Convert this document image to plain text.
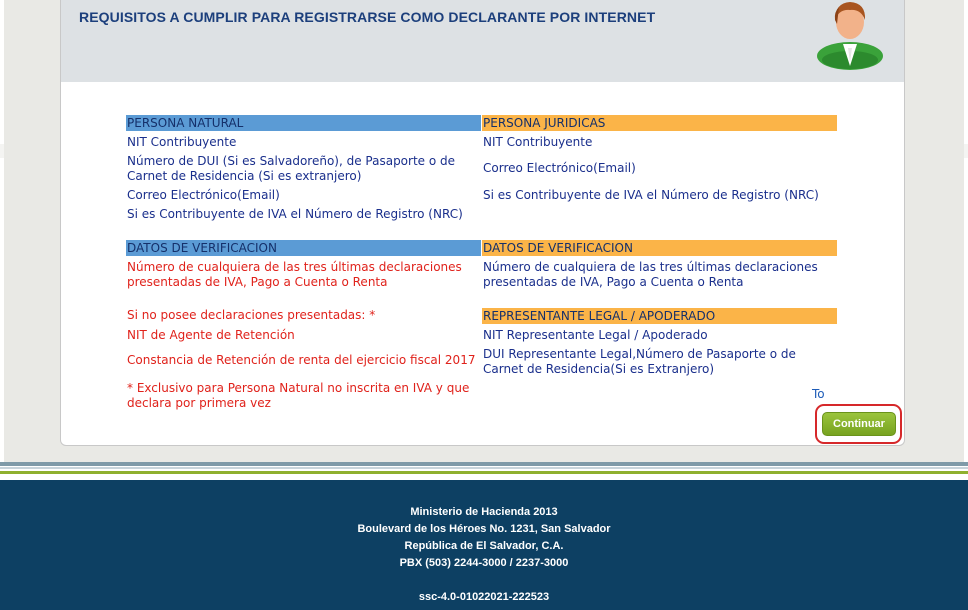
REQUISITOS A CUMPLIR PARA REGISTRARSE COMO DECLARANTE POR INTERNET
PERSONA NATURAL
NIT Contribuyente
Número de DUI (Si es Salvadoreño), de Pasaporte o de
Carnet de Residencia (Si es extranjero)
Correo Electrónico(Email)
Si es Contribuyente de IVA el Número de Registro (NRC)
PERSONA JURIDICAS
NIT Contribuyente
Correo Electrónico(Email)
Si es Contribuyente de IVA el Número de Registro (NRC)
DATOS DE VERIFICACION
Número de cualquiera de las tres últimas declaraciones
presentadas de IVA, Pago a Cuenta o Renta
Si no posee declaraciones presentadas: *
NIT de Agente de Retención
Constancia de Retención de renta del ejercicio fiscal 2017
* Exclusivo para Persona Natural no inscrita en IVA y que
declara por primera vez
DATOS DE VERIFICACION
Número de cualquiera de las tres últimas declaraciones
presentadas de IVA, Pago a Cuenta o Renta
REPRESENTANTE LEGAL / APODERADO
NIT Representante Legal / Apoderado
DUI Representante Legal,Número de Pasaporte o de
Carnet de Residencia(Si es Extranjero)
To
Continuar
Ministerio de Hacienda 2013
Boulevard de los Héroes No. 1231, San Salvador
República de El Salvador, C.A.
PBX (503) 2244-3000 / 2237-3000
ssc-4.0-01022021-222523
